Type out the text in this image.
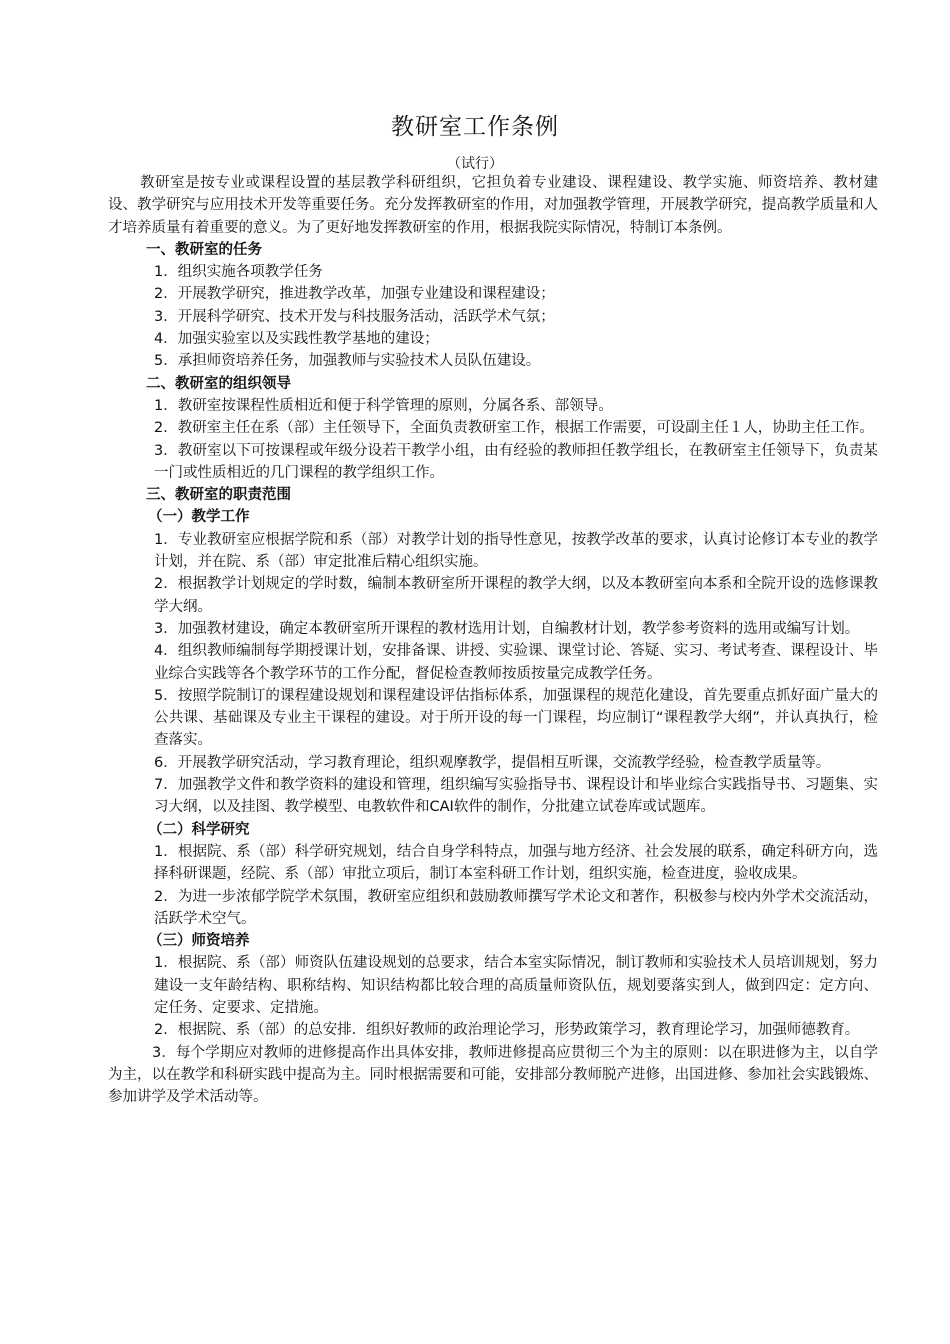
教研室工作条例
（试行）

教研室是按专业或课程设置的基层教学科研组织，它担负着专业建设、课程建设、教学实施、师资培养、教材建设、教学研究与应用技术开发等重要任务。充分发挥教研室的作用，对加强教学管理，开展教学研究，提高教学质量和人才培养质量有着重要的意义。为了更好地发挥教研室的作用，根据我院实际情况，特制订本条例。

一、教研室的任务

1．组织实施各项教学任务

2．开展教学研究，推进教学改革，加强专业建设和课程建设；

3．开展科学研究、技术开发与科技服务活动，活跃学术气氛；

4．加强实验室以及实践性教学基地的建设；

5．承担师资培养任务，加强教师与实验技术人员队伍建设。

二、教研室的组织领导

1．教研室按课程性质相近和便于科学管理的原则，分属各系、部领导。

2．教研室主任在系（部）主任领导下，全面负责教研室工作，根据工作需要，可设副主任１人，协助主任工作。

3．教研室以下可按课程或年级分设若干教学小组，由有经验的教师担任教学组长，在教研室主任领导下，负责某一门或性质相近的几门课程的教学组织工作。

三、教研室的职责范围

（一）教学工作

1．专业教研室应根据学院和系（部）对教学计划的指导性意见，按教学改革的要求，认真讨论修订本专业的教学计划，并在院、系（部）审定批准后精心组织实施。

2．根据教学计划规定的学时数，编制本教研室所开课程的教学大纲，以及本教研室向本系和全院开设的选修课教学大纲。

3．加强教材建设，确定本教研室所开课程的教材选用计划，自编教材计划，教学参考资料的选用或编写计划。

4．组织教师编制每学期授课计划，安排备课、讲授、实验课、课堂讨论、答疑、实习、考试考查、课程设计、毕业综合实践等各个教学环节的工作分配，督促检查教师按质按量完成教学任务。

5．按照学院制订的课程建设规划和课程建设评估指标体系，加强课程的规范化建设，首先要重点抓好面广量大的公共课、基础课及专业主干课程的建设。对于所开设的每一门课程，均应制订“课程教学大纲”，并认真执行，检查落实。

6．开展教学研究活动，学习教育理论，组织观摩教学，提倡相互听课，交流教学经验，检查教学质量等。

7．加强教学文件和教学资料的建设和管理，组织编写实验指导书、课程设计和毕业综合实践指导书、习题集、实习大纲，以及挂图、教学模型、电教软件和CAI软件的制作，分批建立试卷库或试题库。

（二）科学研究

1．根据院、系（部）科学研究规划，结合自身学科特点，加强与地方经济、社会发展的联系，确定科研方向，选择科研课题，经院、系（部）审批立项后，制订本室科研工作计划，组织实施，检查进度，验收成果。

2．为进一步浓郁学院学术氛围，教研室应组织和鼓励教师撰写学术论文和著作，积极参与校内外学术交流活动，活跃学术空气。

（三）师资培养

1．根据院、系（部）师资队伍建设规划的总要求，结合本室实际情况，制订教师和实验技术人员培训规划，努力建设一支年龄结构、职称结构、知识结构都比较合理的高质量师资队伍，规划要落实到人，做到四定：定方向、定任务、定要求、定措施。

2．根据院、系（部）的总安排．组织好教师的政治理论学习，形势政策学习，教育理论学习，加强师德教育。

3．每个学期应对教师的进修提高作出具体安排，教师进修提高应贯彻三个为主的原则：以在职进修为主，以自学为主，以在教学和科研实践中提高为主。同时根据需要和可能，安排部分教师脱产进修，出国进修、参加社会实践锻炼、参加讲学及学术活动等。
